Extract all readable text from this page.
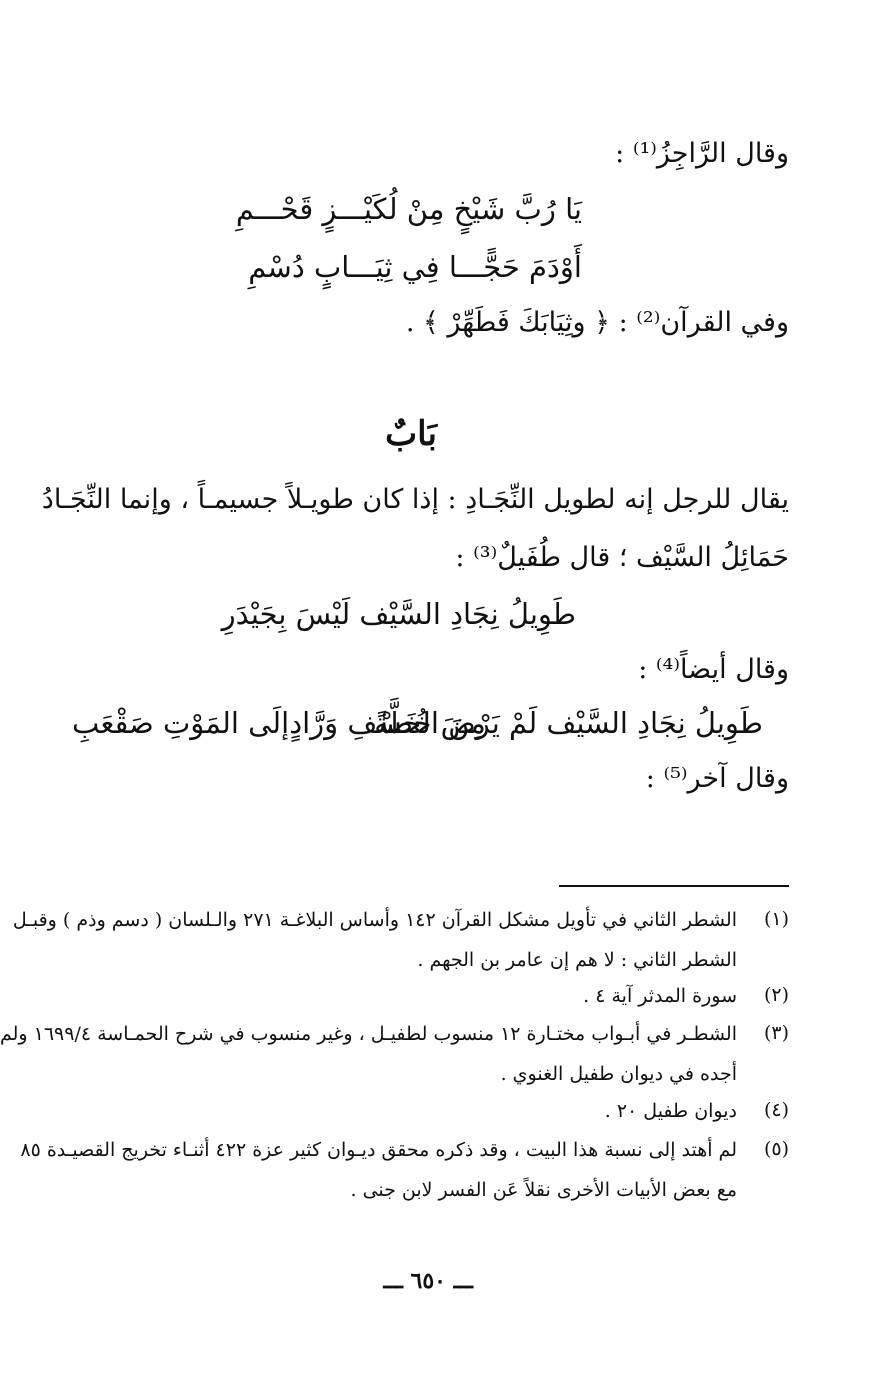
وقال الرَّاجِزُ⁽¹⁾ :
يَا رُبَّ شَيْخٍ مِنْ لُكَيْـــزٍ قَحْـــمِ
أَوْدَمَ حَجًّـــا فِي ثِيَـــابٍ دُسْمِ
وفي القرآن⁽²⁾ : ﴿ وثِيَابَكَ فَطَهِّرْ ﴾ .
بَابٌ
يقال للرجل إنه لطويل النِّجَـادِ : إذا كان طويـلاً جسيمـاً ، وإنما النِّجَـادُ
حَمَائِلُ السَّيْف ؛ قال طُفَيلٌ⁽³⁾ :
طَوِيلُ نِجَادِ السَّيْف لَيْسَ بِجَيْدَرِ
وقال أيضاً⁽⁴⁾ :
طَوِيلُ نِجَادِ السَّيْف لَمْ يَرْضَ خُطَّةً
مِنَ الخَسْفِ وَرَّادٍإلَى المَوْتِ صَقْعَبِ
وقال آخر⁽⁵⁾ :
(١)
الشطر الثاني في تأويل مشكل القرآن ١٤٢ وأساس البلاغـة ٢٧١ والـلسان ( دسم وذم ) وقبـل
الشطر الثاني : لا هم إن عامر بن الجهم .
(٢)
سورة المدثر آية ٤ .
(٣)
الشطـر في أبـواب مختـارة ١٢ منسوب لطفيـل ، وغير منسوب في شرح الحمـاسة ١٦٩٩/٤ ولم
أجده في ديوان طفيل الغنوي .
(٤)
ديوان طفيل ٢٠ .
(٥)
لم أهتد إلى نسبة هذا البيت ، وقد ذكره محقق ديـوان كثير عزة ٤٢٢ أثنـاء تخريج القصيـدة ٨٥
مع بعض الأبيات الأخرى نقلاً عَن الفسر لابن جنى .
ـــ ٦٥٠ ـــ
